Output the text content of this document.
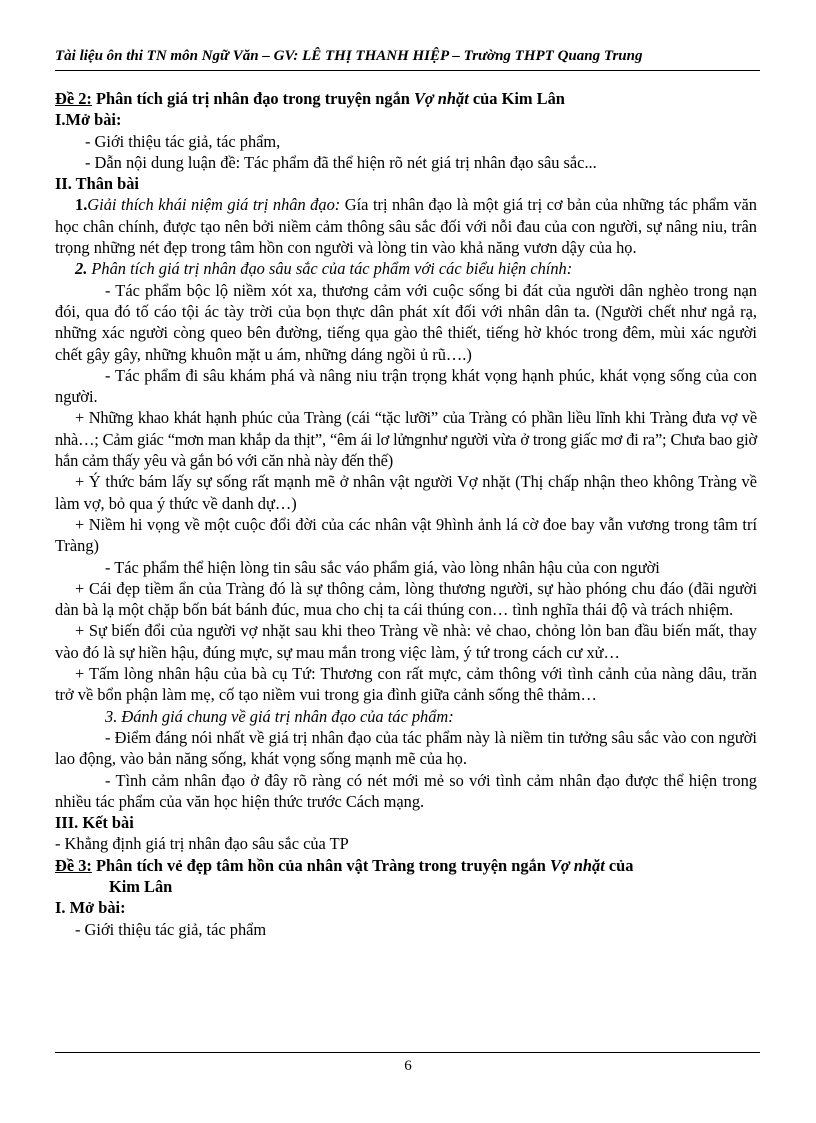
Tài liệu ôn thi TN môn Ngữ Văn – GV: LÊ THỊ THANH HIỆP – Trường THPT Quang Trung

Đề 2: Phân tích giá trị nhân đạo trong truyện ngắn Vợ nhặt của Kim Lân

I.Mở bài:

- Giới thiệu tác giả, tác phẩm,

- Dẫn nội dung luận đề: Tác phẩm đã thể hiện rõ nét giá trị nhân đạo sâu sắc...

II. Thân bài

1.Giải thích khái niệm giá trị nhân đạo: Gía trị nhân đạo là một giá trị cơ bản của những tác phẩm văn học chân chính, được tạo nên bởi niềm cảm thông sâu sắc đối với nỗi đau của con người, sự nâng niu, trân trọng những nét đẹp trong tâm hồn con người và lòng tin vào khả năng vươn dậy của họ.

2. Phân tích giá trị nhân đạo sâu sắc của tác phẩm với các biểu hiện chính:

- Tác phẩm bộc lộ niềm xót xa, thương cảm với cuộc sống bi đát của người dân nghèo trong nạn đói, qua đó tố cáo tội ác tày trời của bọn thực dân phát xít đối với nhân dân ta. (Người chết như ngả rạ, những xác người còng queo bên đường, tiếng qụa gào thê thiết, tiếng hờ khóc trong đêm, mùi xác người chết gây gây, những khuôn mặt u ám, những dáng ngồi ủ rũ….)

- Tác phẩm đi sâu khám phá và nâng niu trận trọng khát vọng hạnh phúc, khát vọng sống của con người.

+ Những khao khát hạnh phúc của Tràng (cái “tặc lưỡi” của Tràng có phần liều lĩnh khi Tràng đưa vợ về nhà…; Cảm giác “mơn man khắp da thịt”, “êm ái lơ lửngnhư người vừa ở trong giấc mơ đi ra”; Chưa bao giờ hắn cảm thấy yêu và gắn bó với căn nhà này đến thế)

+ Ý thức bám lấy sự sống rất mạnh mẽ ở nhân vật người Vợ nhặt (Thị chấp nhận theo không Tràng về làm vợ, bỏ qua ý thức về danh dự…)

+ Niềm hi vọng về một cuộc đổi đời của các nhân vật 9hình ảnh lá cờ đoe bay vẫn vương trong tâm trí Tràng)

- Tác phẩm thể hiện lòng tin sâu sắc váo phẩm giá, vào lòng nhân hậu của con người

+ Cái đẹp tiềm ẩn của Tràng đó là sự thông cảm, lòng thương người, sự hào phóng chu đáo (đãi người dàn bà lạ một chặp bốn bát bánh đúc, mua cho chị ta cái thúng con… tình nghĩa thái độ và trách nhiệm.

+ Sự biến đổi của người vợ nhặt sau khi theo Tràng về nhà: vẻ chao, chỏng lỏn ban đầu biến mất, thay vào đó là sự hiền hậu, đúng mực, sự mau mắn trong việc làm, ý tứ trong cách cư xử…

+ Tấm lòng nhân hậu của bà cụ Tứ: Thương con rất mực, cảm thông với tình cảnh của nàng dâu, trăn trở về bổn phận làm mẹ, cố tạo niềm vui trong gia đình giữa cảnh sống thê thảm…

3. Đánh giá chung về giá trị nhân đạo của tác phẩm:

- Điểm đáng nói nhất về giá trị nhân đạo của tác phẩm này là niềm tin tưởng sâu sắc vào con người lao động, vào bản năng sống, khát vọng sống mạnh mẽ của họ.

- Tình cảm nhân đạo ở đây rõ ràng có nét mới mẻ so với tình cảm nhân đạo được thể hiện trong nhiều tác phẩm của văn học hiện thức trước Cách mạng.

III. Kết bài

- Khẳng định giá trị nhân đạo sâu sắc của TP

Đề 3: Phân tích vẻ đẹp tâm hồn của nhân vật Tràng trong truyện ngắn Vợ nhặt của

Kim Lân

I. Mở bài:

- Giới thiệu tác giả, tác phẩm

6
